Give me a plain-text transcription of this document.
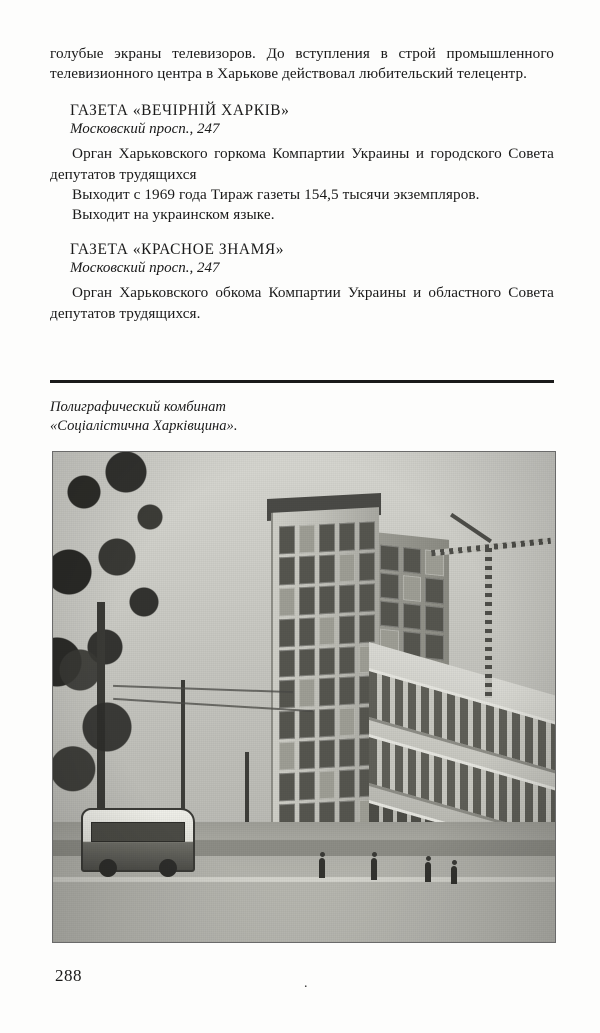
голубые экраны телевизоров. До вступления в строй промышленного телевизионного центра в Харькове действовал любительский телецентр.

ГАЗЕТА «ВЕЧІРНІЙ ХАРКІВ»
Московский просп., 247

Орган Харьковского горкома Компартии Украины и городского Совета депутатов трудящихся

Выходит с 1969 года Тираж газеты 154,5 тысячи экземпляров.

Выходит на украинском языке.

ГАЗЕТА «КРАСНОЕ ЗНАМЯ»
Московский просп., 247

Орган Харьковского обкома Компартии Украины и областного Совета депутатов трудящихся.

Полиграфический комбинат
«Соціалістична Харківщина».
288	.
